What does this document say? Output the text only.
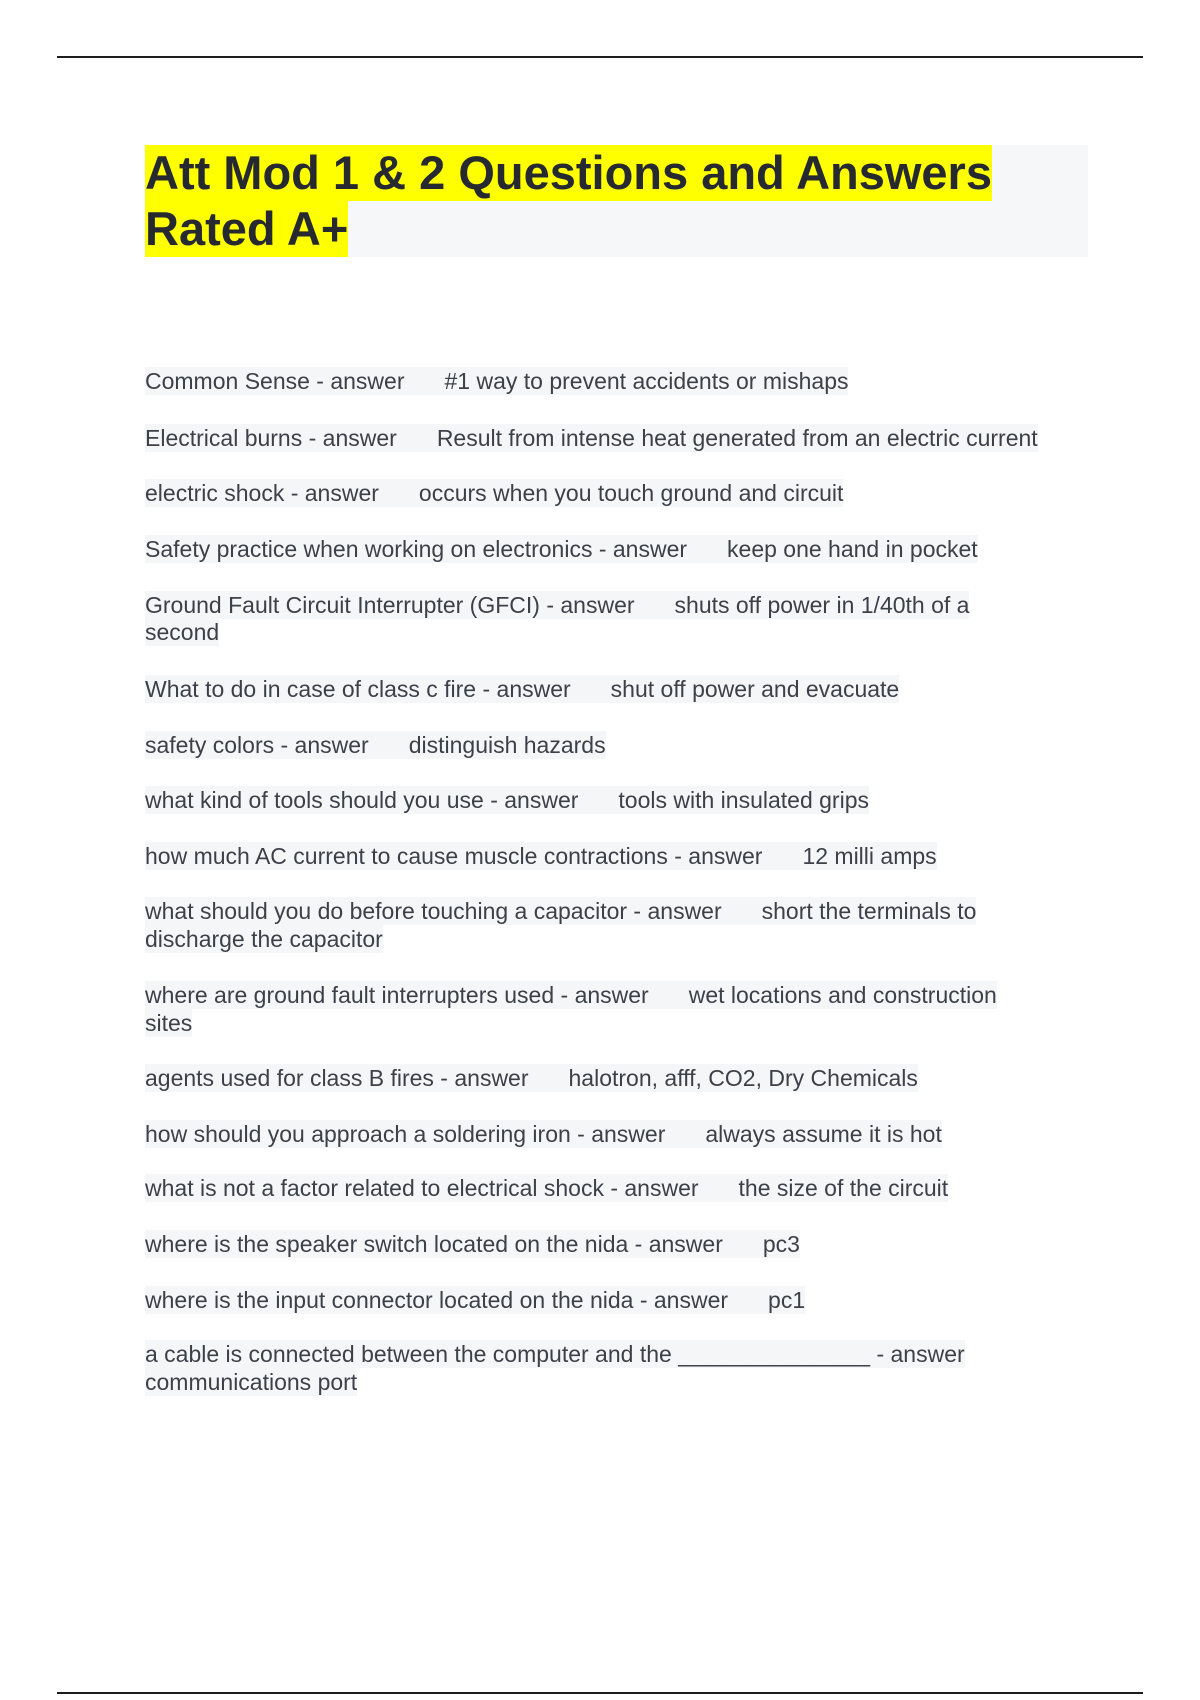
Att Mod 1 & 2 Questions and Answers
Rated A+
Common Sense - answer #1 way to prevent accidents or mishaps
Electrical burns - answer Result from intense heat generated from an electric current
electric shock - answer occurs when you touch ground and circuit
Safety practice when working on electronics - answer keep one hand in pocket
Ground Fault Circuit Interrupter (GFCI) - answer shuts off power in 1/40th of a
second
What to do in case of class c fire - answer shut off power and evacuate
safety colors - answer distinguish hazards
what kind of tools should you use - answer tools with insulated grips
how much AC current to cause muscle contractions - answer 12 milli amps
what should you do before touching a capacitor - answer short the terminals to
discharge the capacitor
where are ground fault interrupters used - answer wet locations and construction
sites
agents used for class B fires - answer halotron, afff, CO2, Dry Chemicals
how should you approach a soldering iron - answer always assume it is hot
what is not a factor related to electrical shock - answer the size of the circuit
where is the speaker switch located on the nida - answer pc3
where is the input connector located on the nida - answer pc1
a cable is connected between the computer and the _______________ - answer
communications port
